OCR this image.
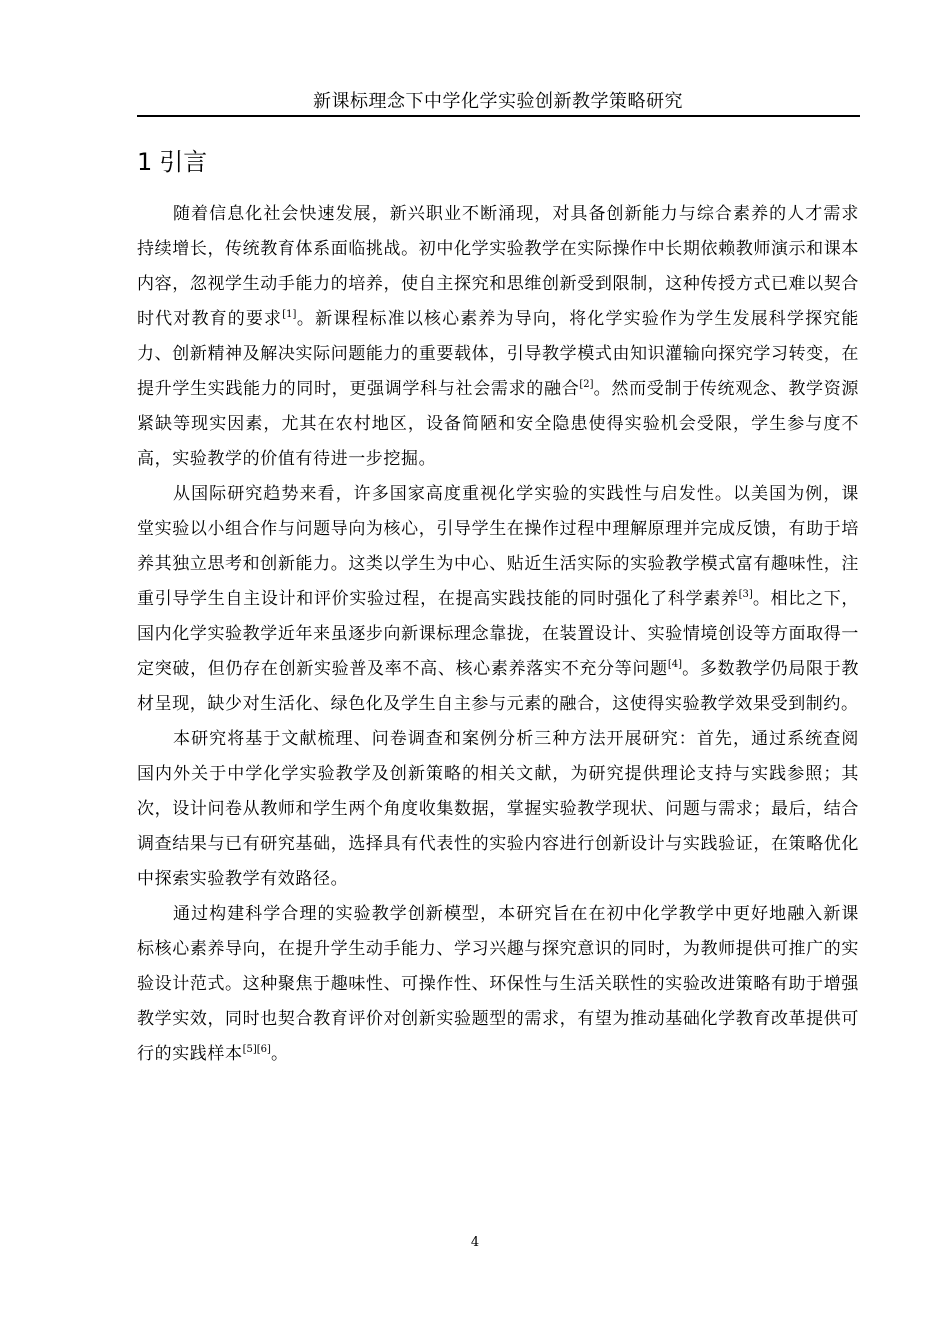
新课标理念下中学化学实验创新教学策略研究
1 引言

随着信息化社会快速发展，新兴职业不断涌现，对具备创新能力与综合素养的人才需求持续增长，传统教育体系面临挑战。初中化学实验教学在实际操作中长期依赖教师演示和课本内容，忽视学生动手能力的培养，使自主探究和思维创新受到限制，这种传授方式已难以契合时代对教育的要求[1]。新课程标准以核心素养为导向，将化学实验作为学生发展科学探究能力、创新精神及解决实际问题能力的重要载体，引导教学模式由知识灌输向探究学习转变，在提升学生实践能力的同时，更强调学科与社会需求的融合[2]。然而受制于传统观念、教学资源紧缺等现实因素，尤其在农村地区，设备简陋和安全隐患使得实验机会受限，学生参与度不高，实验教学的价值有待进一步挖掘。

从国际研究趋势来看，许多国家高度重视化学实验的实践性与启发性。以美国为例，课堂实验以小组合作与问题导向为核心，引导学生在操作过程中理解原理并完成反馈，有助于培养其独立思考和创新能力。这类以学生为中心、贴近生活实际的实验教学模式富有趣味性，注重引导学生自主设计和评价实验过程，在提高实践技能的同时强化了科学素养[3]。相比之下，国内化学实验教学近年来虽逐步向新课标理念靠拢，在装置设计、实验情境创设等方面取得一定突破，但仍存在创新实验普及率不高、核心素养落实不充分等问题[4]。多数教学仍局限于教材呈现，缺少对生活化、绿色化及学生自主参与元素的融合，这使得实验教学效果受到制约。

本研究将基于文献梳理、问卷调查和案例分析三种方法开展研究：首先，通过系统查阅国内外关于中学化学实验教学及创新策略的相关文献，为研究提供理论支持与实践参照；其次，设计问卷从教师和学生两个角度收集数据，掌握实验教学现状、问题与需求；最后，结合调查结果与已有研究基础，选择具有代表性的实验内容进行创新设计与实践验证，在策略优化中探索实验教学有效路径。

通过构建科学合理的实验教学创新模型，本研究旨在在初中化学教学中更好地融入新课标核心素养导向，在提升学生动手能力、学习兴趣与探究意识的同时，为教师提供可推广的实验设计范式。这种聚焦于趣味性、可操作性、环保性与生活关联性的实验改进策略有助于增强教学实效，同时也契合教育评价对创新实验题型的需求，有望为推动基础化学教育改革提供可行的实践样本[5][6]。

4
